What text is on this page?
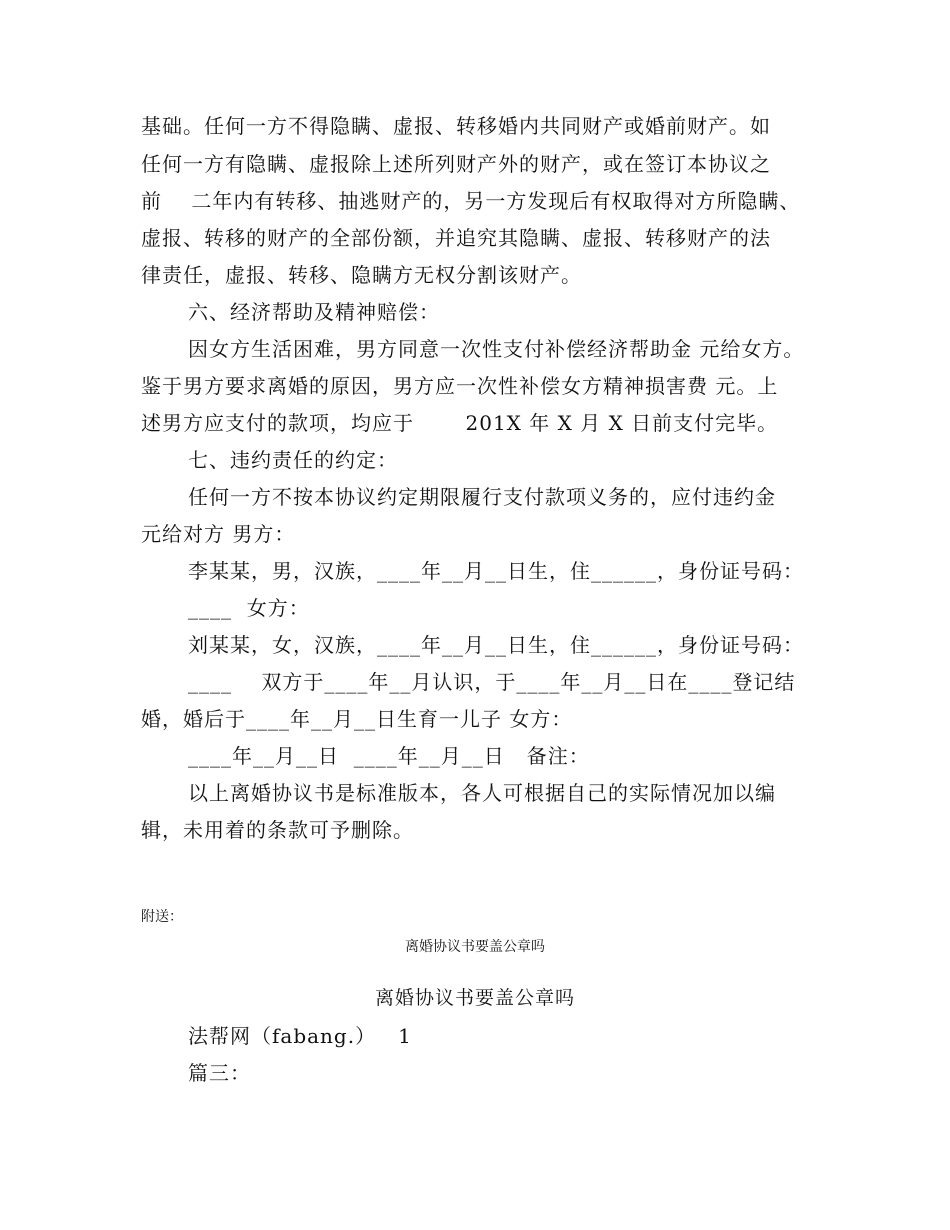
基础。任何一方不得隐瞒、虚报、转移婚内共同财产或婚前财产。如
任何一方有隐瞒、虚报除上述所列财产外的财产，或在签订本协议之
前    二年内有转移、抽逃财产的，另一方发现后有权取得对方所隐瞒、
虚报、转移的财产的全部份额，并追究其隐瞒、虚报、转移财产的法
律责任，虚报、转移、隐瞒方无权分割该财产。
六、经济帮助及精神赔偿：
因女方生活困难，男方同意一次性支付补偿经济帮助金 元给女方。
鉴于男方要求离婚的原因，男方应一次性补偿女方精神损害费 元。上
述男方应支付的款项，均应于       201X 年 X 月 X 日前支付完毕。
七、违约责任的约定：
任何一方不按本协议约定期限履行支付款项义务的，应付违约金
元给对方 男方：
李某某，男，汉族，____年__月__日生，住______，身份证号码：
____  女方：
刘某某，女，汉族，____年__月__日生，住______，身份证号码：
____    双方于____年__月认识，于____年__月__日在____登记结
婚，婚后于____年__月__日生育一儿子 女方：
____年__月__日  ____年__月__日   备注：
以上离婚协议书是标准版本，各人可根据自己的实际情况加以编
辑，未用着的条款可予删除。
附送：
离婚协议书要盖公章吗
离婚协议书要盖公章吗
法帮网（fabang.）   1
篇三：
